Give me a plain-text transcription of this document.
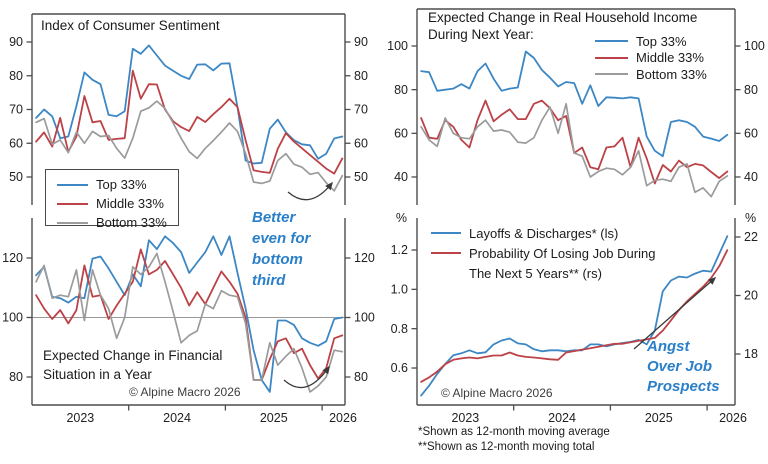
50	50
60	60
70	70
80	80
90	90
40	40
60	60
80	80
100	100
80	80
100	100
120	120
2023	2024	2025	2026
0.6
0.8
1.0
1.2
18
20
22
%	%
2023	2024	2025	2026
Index of Consumer Sentiment
Expected Change in Real Household Income
During Next Year:
Expected Change in Financial
Situation in a Year
Top 33%
Middle 33%
Bottom 33%
Top 33%
Middle 33%
Bottom 33%
Layoffs & Discharges* (ls)
Probability Of Losing Job During
The Next 5 Years** (rs)
Better
even for
bottom
third
Angst
Over Job
Prospects
© Alpine Macro 2026	© Alpine Macro 2026
*Shown as 12-month moving average
**Shown as 12-month moving total
